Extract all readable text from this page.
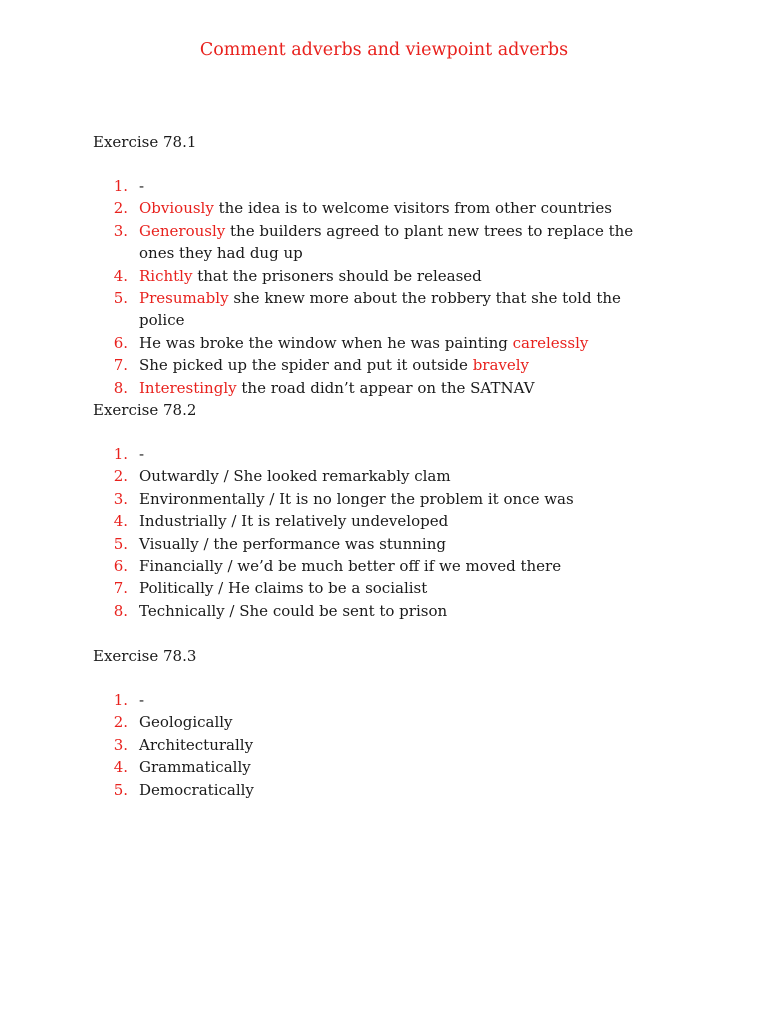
Comment adverbs and viewpoint adverbs

Exercise 78.1

1. -
2. Obviously the idea is to welcome visitors from other countries
3. Generously the builders agreed to plant new trees to replace the ones they had dug up
4. Richtly that the prisoners should be released
5. Presumably she knew more about the robbery that she told the police
6. He was broke the window when he was painting carelessly
7. She picked up the spider and put it outside bravely
8. Interestingly the road didn’t appear on the SATNAV

Exercise 78.2

1. -
2. Outwardly / She looked remarkably clam
3. Environmentally / It is no longer the problem it once was
4. Industrially / It is relatively undeveloped
5. Visually / the performance was stunning
6. Financially / we’d be much better off if we moved there
7. Politically / He claims to be a socialist
8. Technically / She could be sent to prison

Exercise 78.3

1. -
2. Geologically
3. Architecturally
4. Grammatically
5. Democratically
